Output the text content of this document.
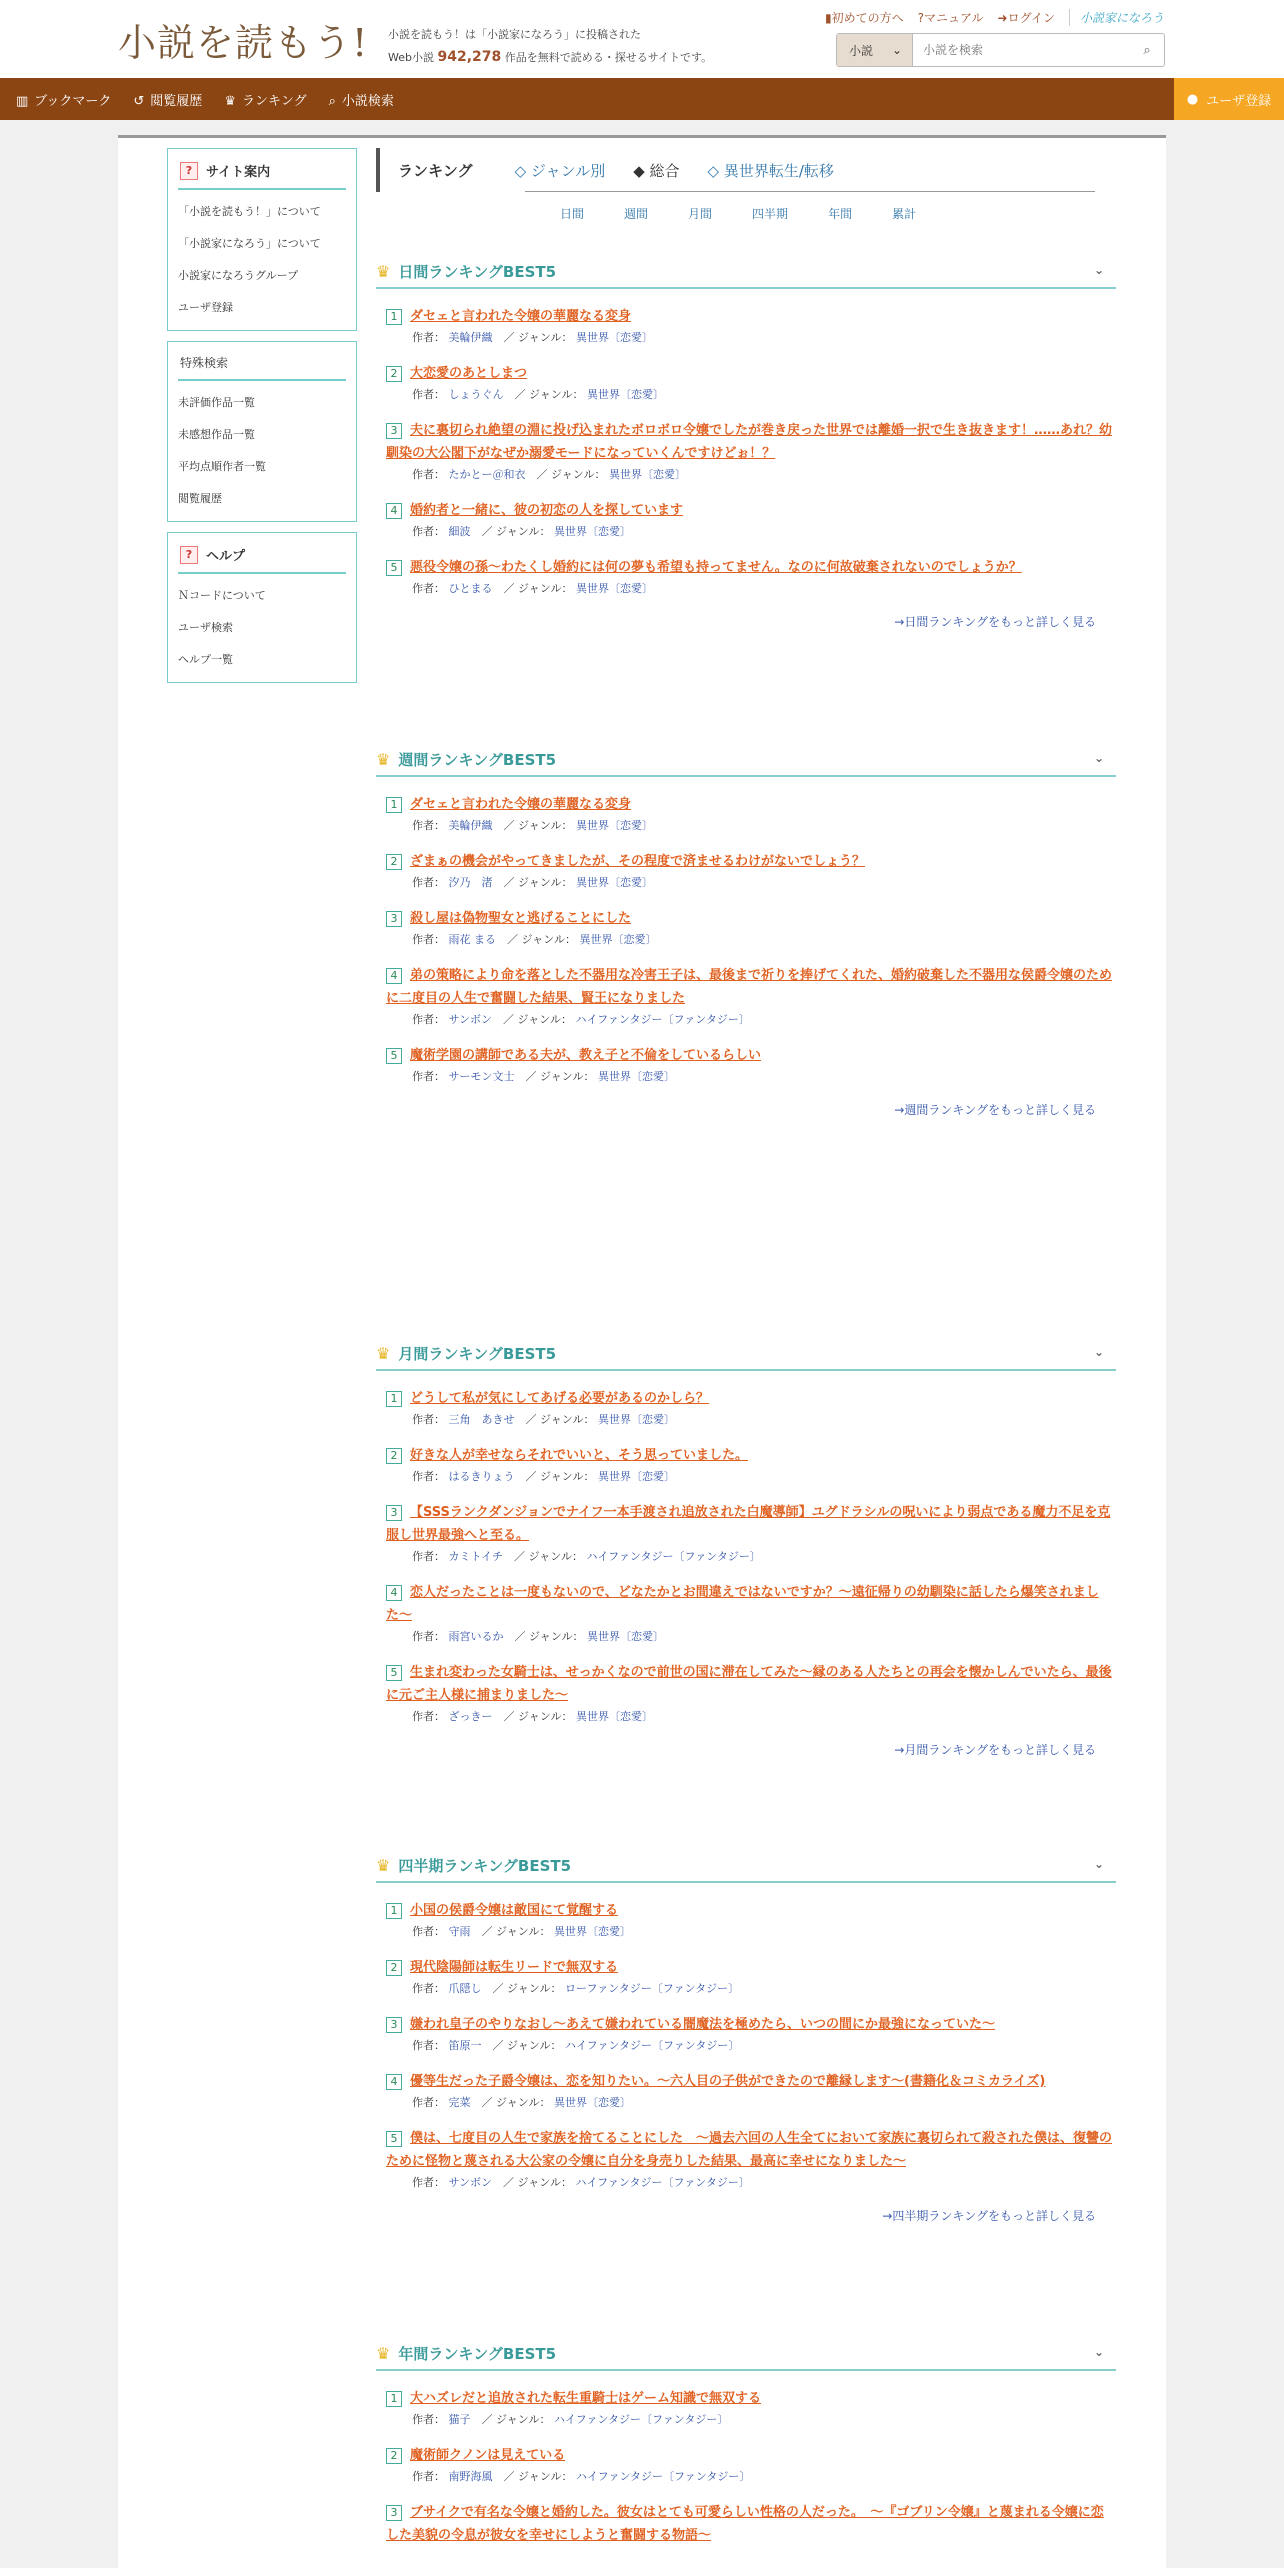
小説を読もう! 小説を読もう！は「小説家になろう」に投稿された
Web小説 942,278 作品を無料で読める・探せるサイトです。
▮初めての方へ ?マニュアル ➜ログイン	小説家になろう
小説 ⌄
小説を検索	⌕
▥ ブックマーク ↺ 閲覧履歴 ♛ ランキング ⌕ 小説検索	● ユーザ登録
?	サイト案内
「小説を読もう！」について
「小説家になろう」について
小説家になろうグループ
ユーザ登録
特殊検索
未評価作品一覧
未感想作品一覧
平均点順作者一覧
閲覧履歴
?	ヘルプ
Ｎコードについて
ユーザ検索
ヘルプ一覧
ランキング	◇ ジャンル別 ◆ 総合 ◇ 異世界転生/転移
日間	週間	月間	四半期	年間	累計
♛ 日間ランキングBEST5	⌄
1 ダセェと言われた令嬢の華麗なる変身
作者： 美輪伊織　 ／ ジャンル： 異世界〔恋愛〕
2 大恋愛のあとしまつ
作者： しょうぐん　 ／ ジャンル： 異世界〔恋愛〕
3 夫に裏切られ絶望の淵に投げ込まれたボロボロ令嬢でしたが巻き戻った世界では離婚一択で生き抜きます！……あれ？幼馴染の大公閣下がなぜか溺愛モードになっていくんですけどぉ！？
作者： たかとー＠和衣　 ／ ジャンル： 異世界〔恋愛〕
4 婚約者と一緒に、彼の初恋の人を探しています
作者： 細波　 ／ ジャンル： 異世界〔恋愛〕
5 悪役令嬢の孫～わたくし婚約には何の夢も希望も持ってません。なのに何故破棄されないのでしょうか？
作者： ひとまる　 ／ ジャンル： 異世界〔恋愛〕
→日間ランキングをもっと詳しく見る
♛ 週間ランキングBEST5	⌄
1 ダセェと言われた令嬢の華麗なる変身
作者： 美輪伊織　 ／ ジャンル： 異世界〔恋愛〕
2 ざまぁの機会がやってきましたが、その程度で済ませるわけがないでしょう？
作者： 汐乃　渚　 ／ ジャンル： 異世界〔恋愛〕
3 殺し屋は偽物聖女と逃げることにした
作者： 雨花 まる　 ／ ジャンル： 異世界〔恋愛〕
4 弟の策略により命を落とした不器用な冷害王子は、最後まで祈りを捧げてくれた、婚約破棄した不器用な侯爵令嬢のために二度目の人生で奮闘した結果、賢王になりました
作者： サンボン　 ／ ジャンル： ハイファンタジー〔ファンタジー〕
5 魔術学園の講師である夫が、教え子と不倫をしているらしい
作者： サーモン文士　 ／ ジャンル： 異世界〔恋愛〕
→週間ランキングをもっと詳しく見る
♛ 月間ランキングBEST5	⌄
1 どうして私が気にしてあげる必要があるのかしら？
作者： 三角　あきせ　 ／ ジャンル： 異世界〔恋愛〕
2 好きな人が幸せならそれでいいと、そう思っていました。
作者： はるきりょう　 ／ ジャンル： 異世界〔恋愛〕
3 【SSSランクダンジョンでナイフ一本手渡され追放された白魔導師】ユグドラシルの呪いにより弱点である魔力不足を克服し世界最強へと至る。
作者： カミトイチ　 ／ ジャンル： ハイファンタジー〔ファンタジー〕
4 恋人だったことは一度もないので、どなたかとお間違えではないですか？〜遠征帰りの幼馴染に話したら爆笑されました〜
作者： 雨宮いるか　 ／ ジャンル： 異世界〔恋愛〕
5 生まれ変わった女騎士は、せっかくなので前世の国に滞在してみた～縁のある人たちとの再会を懐かしんでいたら、最後に元ご主人様に捕まりました～
作者： ざっきー　 ／ ジャンル： 異世界〔恋愛〕
→月間ランキングをもっと詳しく見る
♛ 四半期ランキングBEST5	⌄
1 小国の侯爵令嬢は敵国にて覚醒する
作者： 守雨　 ／ ジャンル： 異世界〔恋愛〕
2 現代陰陽師は転生リードで無双する
作者： 爪隠し　 ／ ジャンル： ローファンタジー〔ファンタジー〕
3 嫌われ皇子のやりなおし～あえて嫌われている闇魔法を極めたら、いつの間にか最強になっていた～
作者： 笛原一　 ／ ジャンル： ハイファンタジー〔ファンタジー〕
4 優等生だった子爵令嬢は、恋を知りたい。～六人目の子供ができたので離縁します～(書籍化＆コミカライズ)
作者： 完菜　 ／ ジャンル： 異世界〔恋愛〕
5 僕は、七度目の人生で家族を捨てることにした　～過去六回の人生全てにおいて家族に裏切られて殺された僕は、復讐のために怪物と蔑される大公家の令嬢に自分を身売りした結果、最高に幸せになりました～
作者： サンボン　 ／ ジャンル： ハイファンタジー〔ファンタジー〕
→四半期ランキングをもっと詳しく見る
♛ 年間ランキングBEST5	⌄
1 大ハズレだと追放された転生重騎士はゲーム知識で無双する
作者： 猫子　 ／ ジャンル： ハイファンタジー〔ファンタジー〕
2 魔術師クノンは見えている
作者： 南野海風　 ／ ジャンル： ハイファンタジー〔ファンタジー〕
3 ブサイクで有名な令嬢と婚約した。彼女はとても可愛らしい性格の人だった。　～『ゴブリン令嬢』と蔑まれる令嬢に恋した美貌の令息が彼女を幸せにしようと奮闘する物語～
